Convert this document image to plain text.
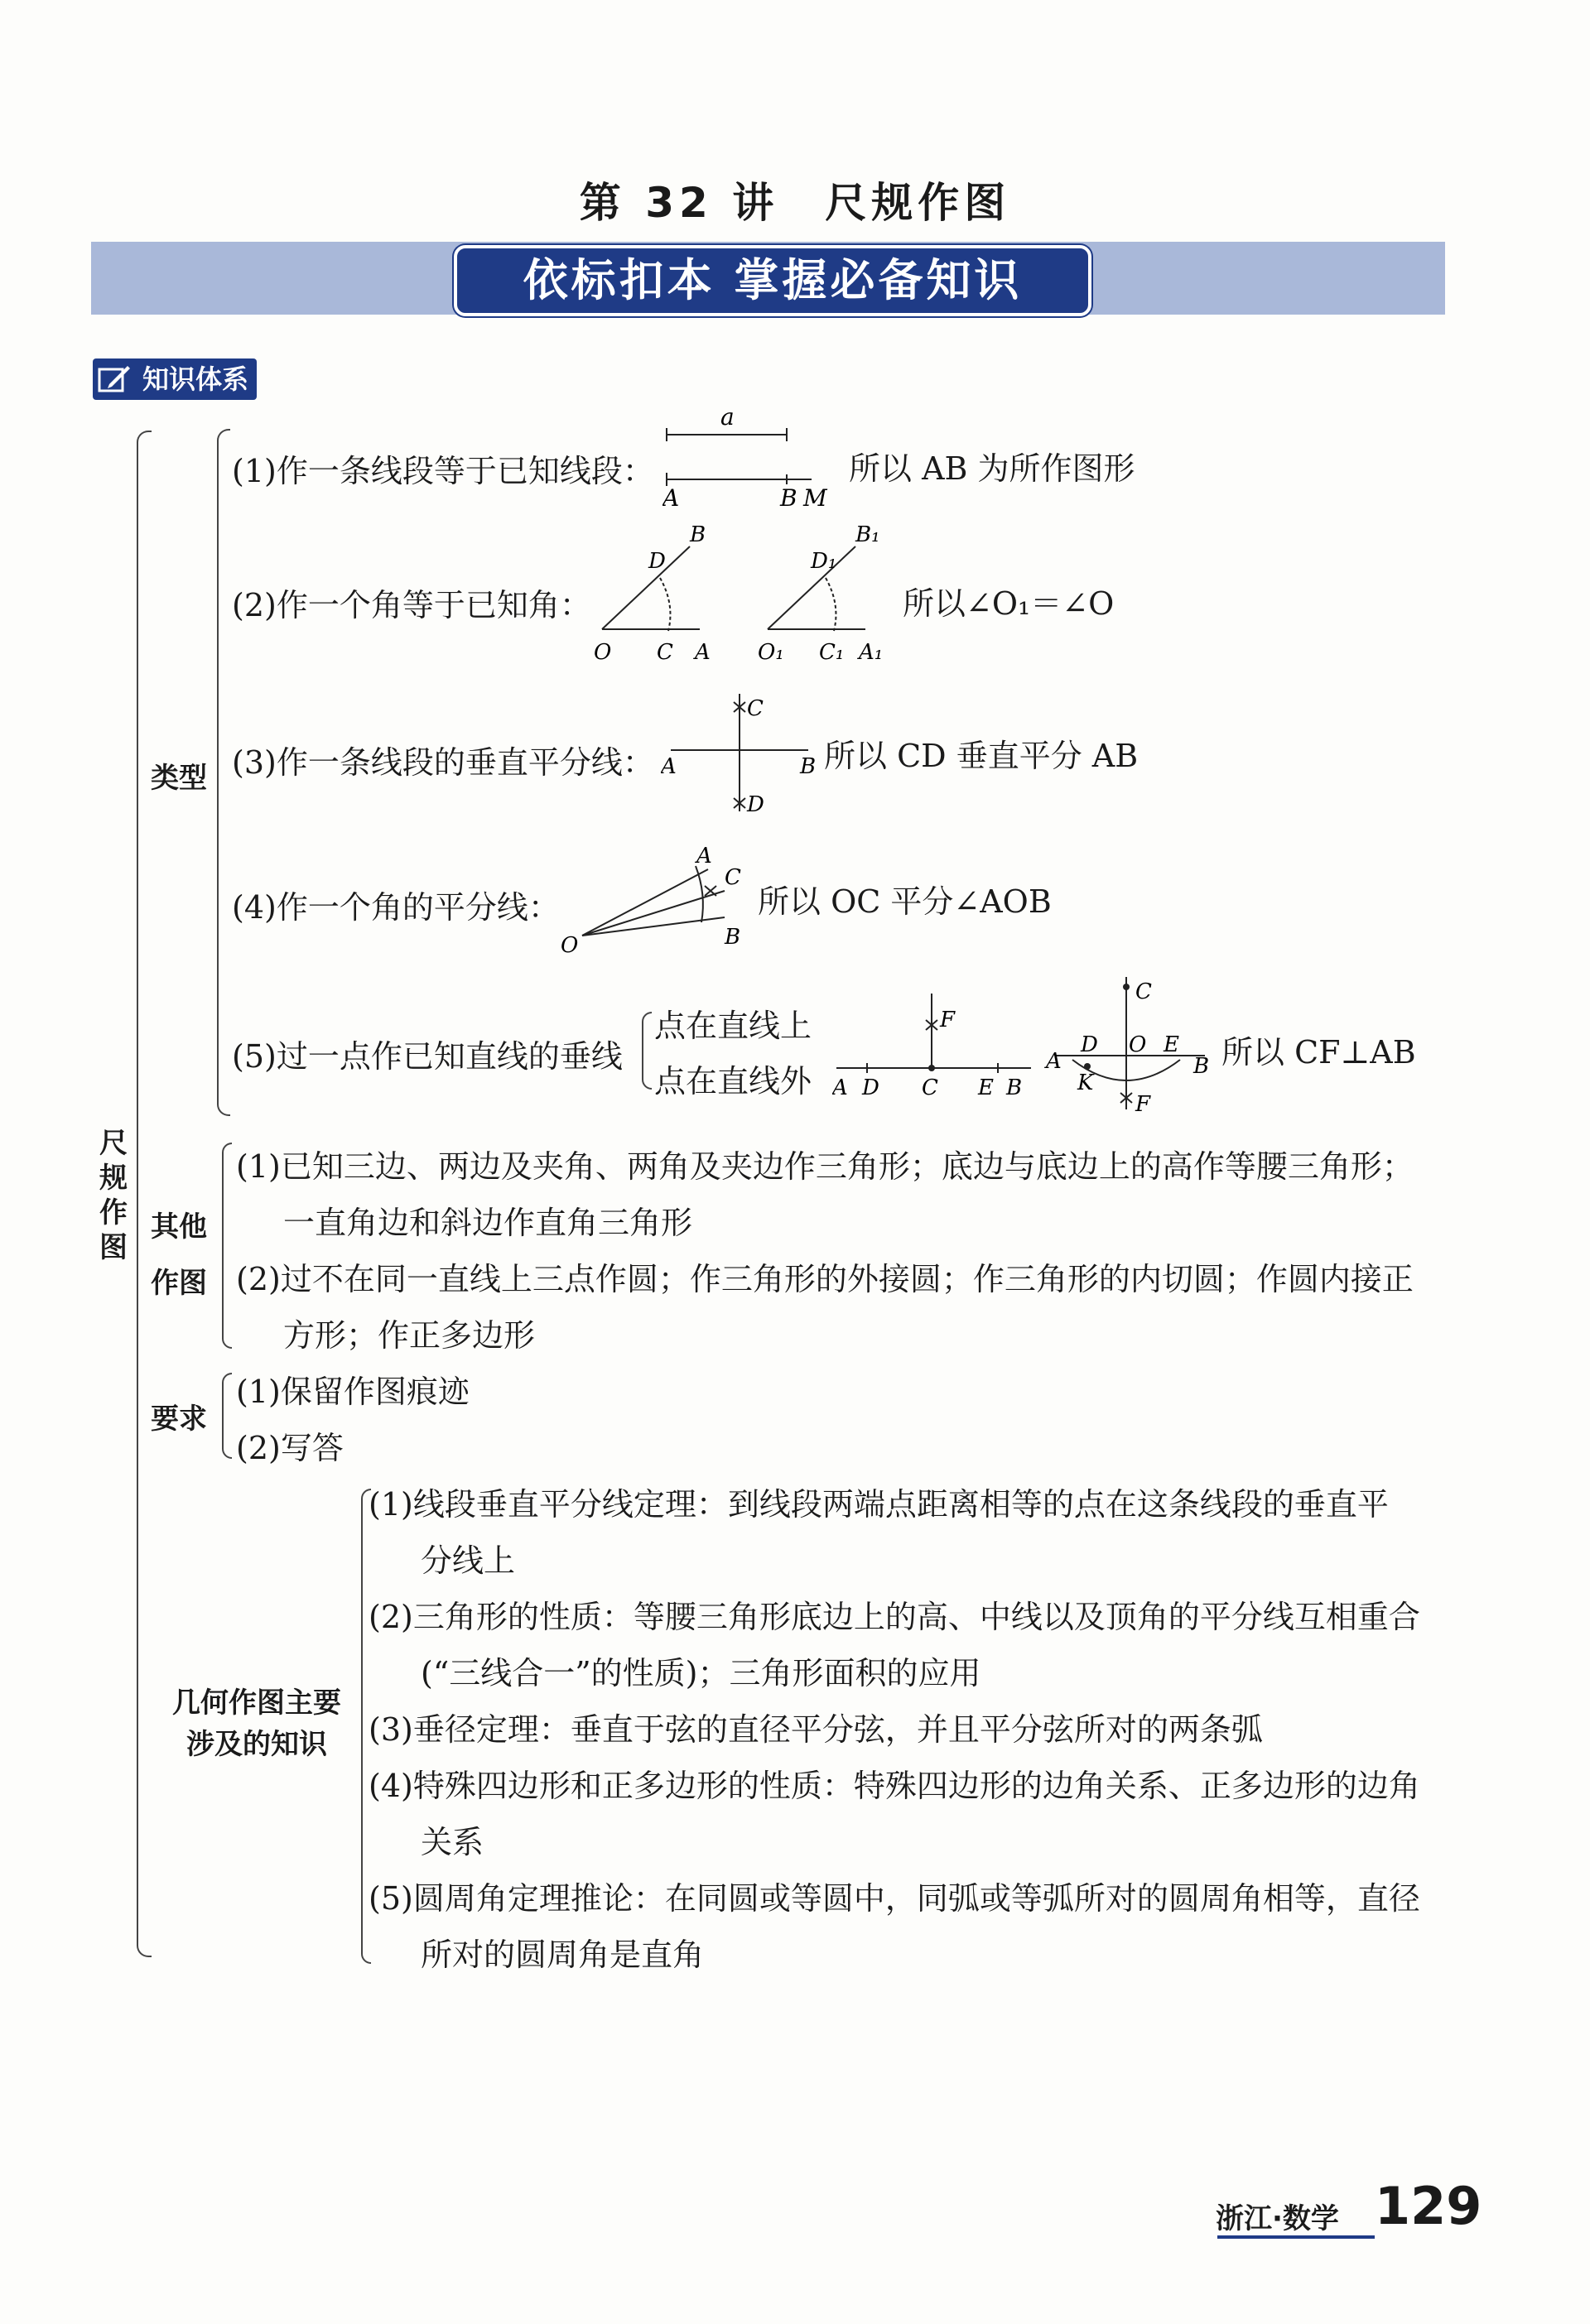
第 32 讲　尺规作图
依标扣本 掌握必备知识
知识体系
尺
规
作
图
类型
(1)作一条线段等于已知线段：
a
A	B M
所以 AB 为所作图形
(2)作一个角等于已知角：
B
D
O C A
B₁
D₁
O₁ C₁ A₁
所以∠O₁＝∠O
(3)作一条线段的垂直平分线：
C
A	B
D
所以 CD 垂直平分 AB
(4)作一个角的平分线：
A
C
O	B
所以 OC 平分∠AOB
(5)过一点作已知直线的垂线
点在直线上
点在直线外
F
A D C E B
C
D O E
A
K
B
F
所以 CF⊥AB
其他
作图
(1)已知三边、两边及夹角、两角及夹边作三角形；底边与底边上的高作等腰三角形；
一直角边和斜边作直角三角形
(2)过不在同一直线上三点作圆；作三角形的外接圆；作三角形的内切圆；作圆内接正
方形；作正多边形
要求
(1)保留作图痕迹
(2)写答
几何作图主要
涉及的知识
(1)线段垂直平分线定理：到线段两端点距离相等的点在这条线段的垂直平
分线上
(2)三角形的性质：等腰三角形底边上的高、中线以及顶角的平分线互相重合
(“三线合一”的性质)；三角形面积的应用
(3)垂径定理：垂直于弦的直径平分弦，并且平分弦所对的两条弧
(4)特殊四边形和正多边形的性质：特殊四边形的边角关系、正多边形的边角
关系
(5)圆周角定理推论：在同圆或等圆中，同弧或等弧所对的圆周角相等，直径
所对的圆周角是直角
浙江·数学 129
